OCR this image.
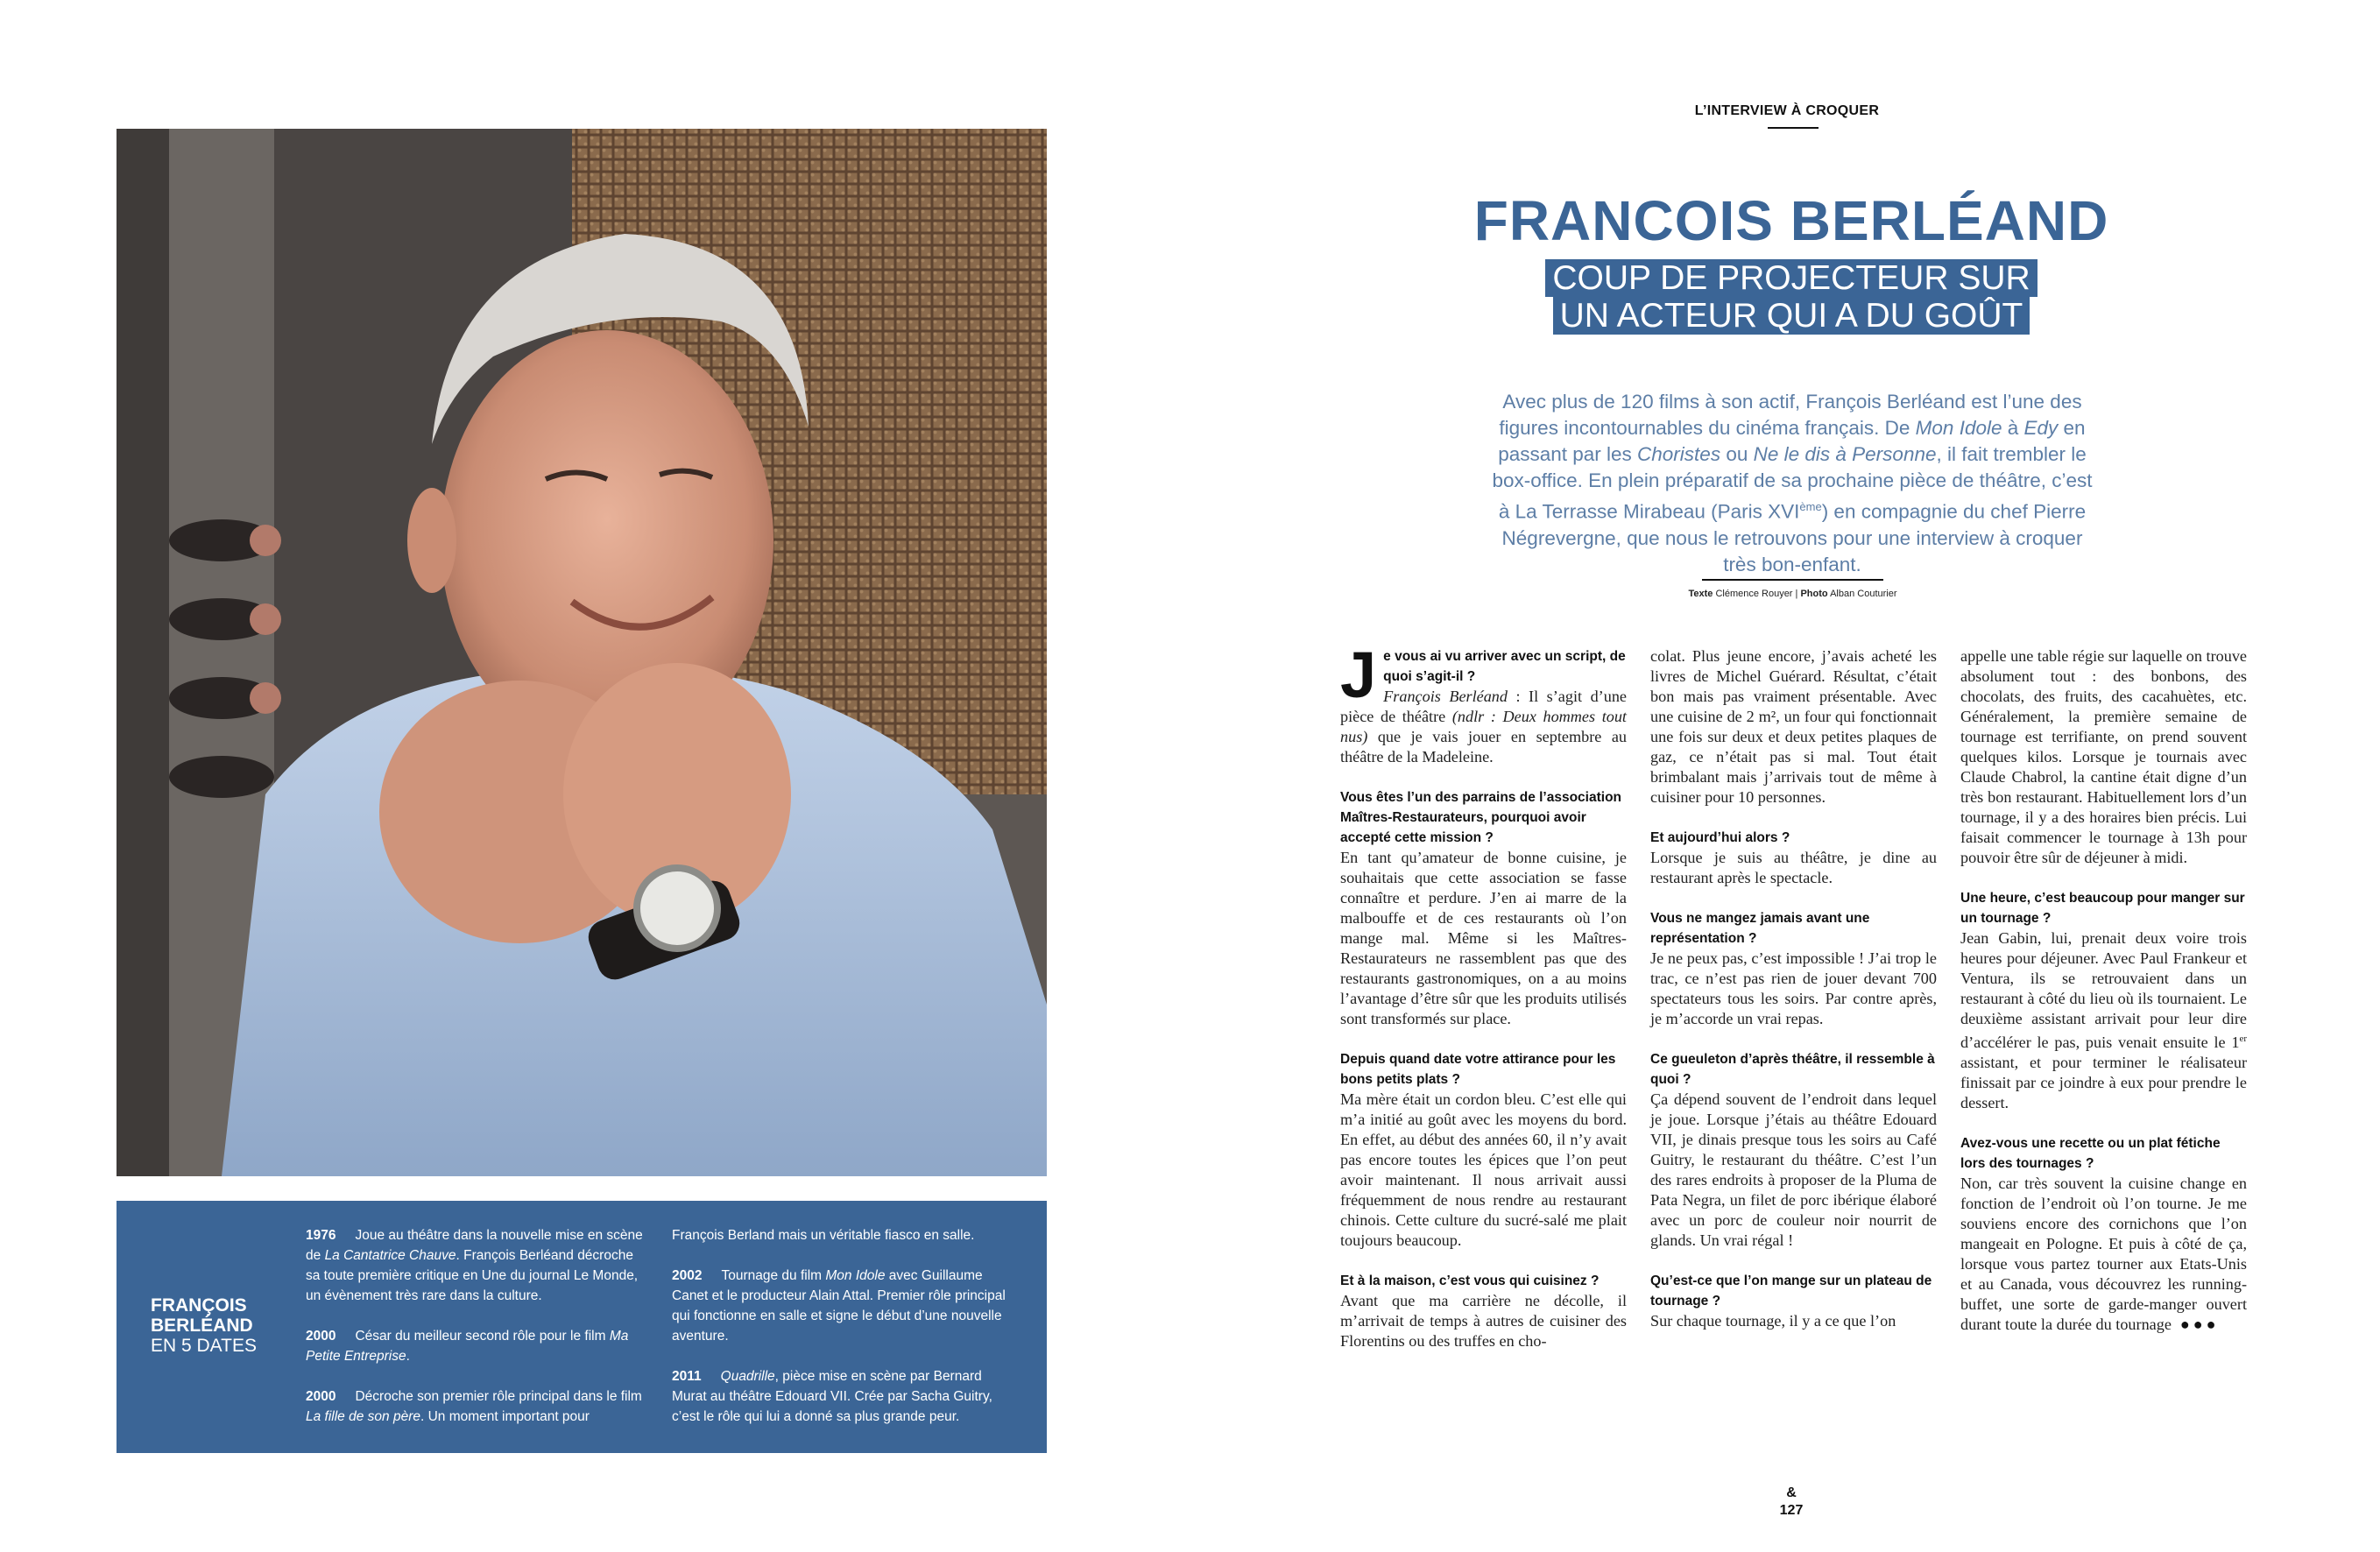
FRANÇOIS
BERLÉAND
EN 5 DATES
1976 Joue au théâtre dans la nouvelle mise en scène de La Cantatrice Chauve. François Berléand décroche sa toute première critique en Une du journal Le Monde, un évènement très rare dans la culture.
2000 César du meilleur second rôle pour le film Ma Petite Entreprise.
2000 Décroche son premier rôle principal dans le film La fille de son père. Un moment important pour
François Berland mais un véritable fiasco en salle.
2002 Tournage du film Mon Idole avec Guillaume Canet et le producteur Alain Attal. Premier rôle principal qui fonctionne en salle et signe le début d’une nouvelle aventure.
2011 Quadrille, pièce mise en scène par Bernard Murat au théâtre Edouard VII. Crée par Sacha Guitry, c’est le rôle qui lui a donné sa plus grande peur.
L’INTERVIEW À CROQUER
FRANCOIS BERLÉAND
COUP DE PROJECTEUR SUR
UN ACTEUR QUI A DU GOÛT
Avec plus de 120 films à son actif, François Berléand est l’une des figures incontournables du cinéma français. De Mon Idole à Edy en passant par les Choristes ou Ne le dis à Personne, il fait trembler le box-office. En plein préparatif de sa prochaine pièce de théâtre, c’est à La Terrasse Mirabeau (Paris XVIème) en compagnie du chef Pierre Négrevergne, que nous le retrouvons pour une interview à croquer très bon-enfant.
Texte Clémence Rouyer | Photo Alban Couturier
J e vous ai vu arriver avec un script, de quoi s’agit-il ?
François Berléand : Il s’agit d’une pièce de théâtre (ndlr : Deux hommes tout nus) que je vais jouer en septembre au théâtre de la Madeleine.
Vous êtes l’un des parrains de l’association Maîtres-Restaurateurs, pourquoi avoir accepté cette mission ?
En tant qu’amateur de bonne cuisine, je souhaitais que cette association se fasse connaître et perdure. J’en ai marre de la malbouffe et de ces restaurants où l’on mange mal. Même si les Maîtres-Restaurateurs ne rassemblent pas que des restaurants gastronomiques, on a au moins l’avantage d’être sûr que les produits utilisés sont transformés sur place.
Depuis quand date votre attirance pour les bons petits plats ?
Ma mère était un cordon bleu. C’est elle qui m’a initié au goût avec les moyens du bord. En effet, au début des années 60, il n’y avait pas encore toutes les épices que l’on peut avoir maintenant. Il nous arrivait aussi fréquemment de nous rendre au restaurant chinois. Cette culture du sucré-salé me plait toujours beaucoup.
Et à la maison, c’est vous qui cuisinez ?
Avant que ma carrière ne décolle, il m’arrivait de temps à autres de cuisiner des Florentins ou des truffes en cho-
colat. Plus jeune encore, j’avais acheté les livres de Michel Guérard. Résultat, c’était bon mais pas vraiment présentable. Avec une cuisine de 2 m², un four qui fonctionnait une fois sur deux et deux petites plaques de gaz, ce n’était pas si mal. Tout était brimbalant mais j’arrivais tout de même à cuisiner pour 10 personnes.
Et aujourd’hui alors ?
Lorsque je suis au théâtre, je dine au restaurant après le spectacle.
Vous ne mangez jamais avant une représentation ?
Je ne peux pas, c’est impossible ! J’ai trop le trac, ce n’est pas rien de jouer devant 700 spectateurs tous les soirs. Par contre après, je m’accorde un vrai repas.
Ce gueuleton d’après théâtre, il ressemble à quoi ?
Ça dépend souvent de l’endroit dans lequel je joue. Lorsque j’étais au théâtre Edouard VII, je dinais presque tous les soirs au Café Guitry, le restaurant du théâtre. C’est l’un des rares endroits à proposer de la Pluma de Pata Negra, un filet de porc ibérique élaboré avec un porc de couleur noir nourrit de glands. Un vrai régal !
Qu’est-ce que l’on mange sur un plateau de tournage ?
Sur chaque tournage, il y a ce que l’on
appelle une table régie sur laquelle on trouve absolument tout : des bonbons, des chocolats, des fruits, des cacahuètes, etc. Généralement, la première semaine de tournage est terrifiante, on prend souvent quelques kilos. Lorsque je tournais avec Claude Chabrol, la cantine était digne d’un très bon restaurant. Habituellement lors d’un tournage, il y a des horaires bien précis. Lui faisait commencer le tournage à 13h pour pouvoir être sûr de déjeuner à midi.
Une heure, c’est beaucoup pour manger sur un tournage ?
Jean Gabin, lui, prenait deux voire trois heures pour déjeuner. Avec Paul Frankeur et Ventura, ils se retrouvaient dans un restaurant à côté du lieu où ils tournaient. Le deuxième assistant arrivait pour leur dire d’accélérer le pas, puis venait ensuite le 1er assistant, et pour terminer le réalisateur finissait par ce joindre à eux pour prendre le dessert.
Avez-vous une recette ou un plat fétiche lors des tournages ?
Non, car très souvent la cuisine change en fonction de l’endroit où l’on tourne. Je me souviens encore des cornichons que l’on mangeait en Pologne. Et puis à côté de ça, lorsque vous partez tourner aux Etats-Unis et au Canada, vous découvrez les running-buffet, une sorte de garde-manger ouvert durant toute la durée du tournage ●●●
&
127
